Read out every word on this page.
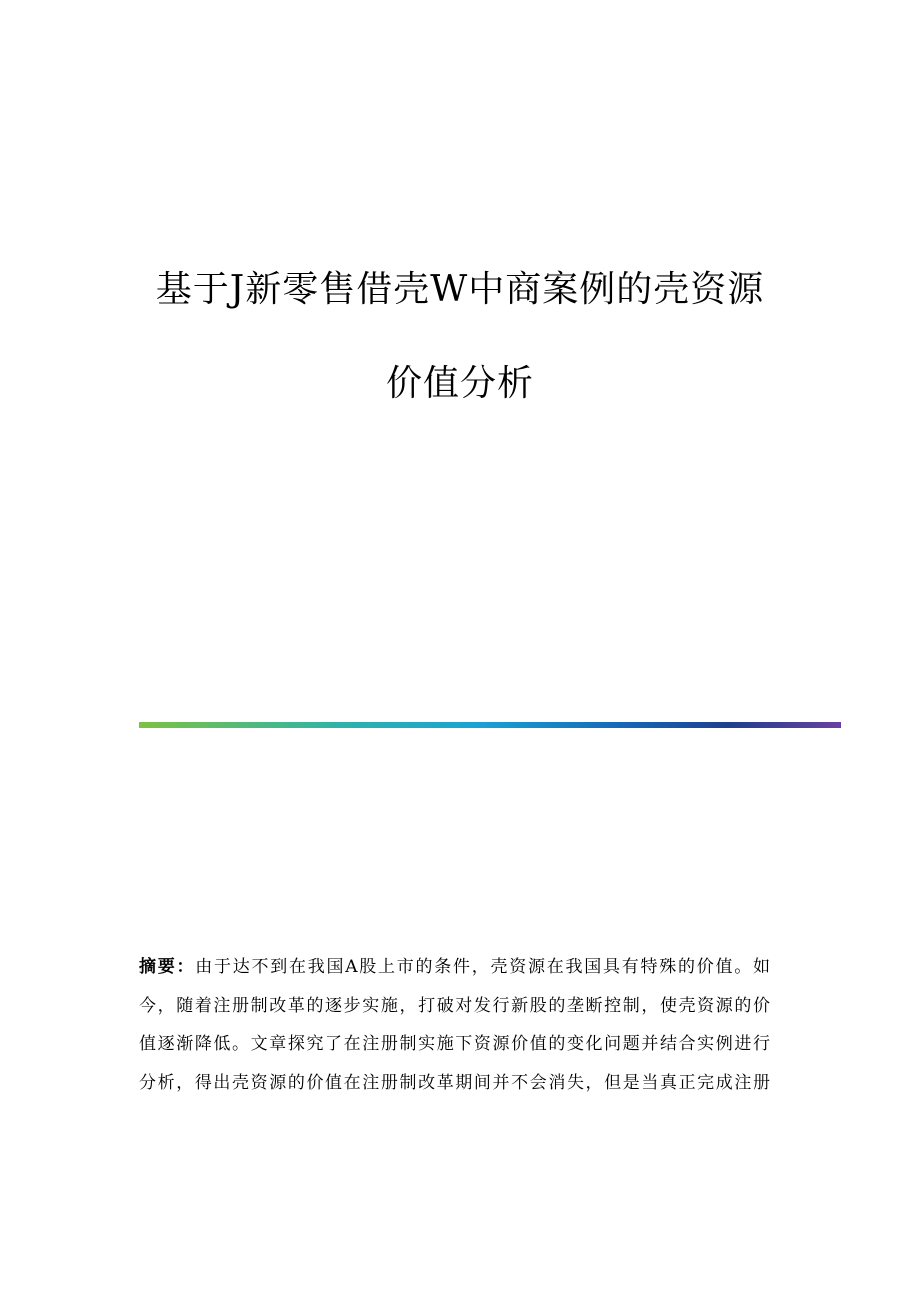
基于J新零售借壳W中商案例的壳资源
价值分析
摘要：由于达不到在我国A股上市的条件，壳资源在我国具有特殊的价值。如
今，随着注册制改革的逐步实施，打破对发行新股的垄断控制，使壳资源的价
值逐渐降低。文章探究了在注册制实施下资源价值的变化问题并结合实例进行
分析，得出壳资源的价值在注册制改革期间并不会消失，但是当真正完成注册
